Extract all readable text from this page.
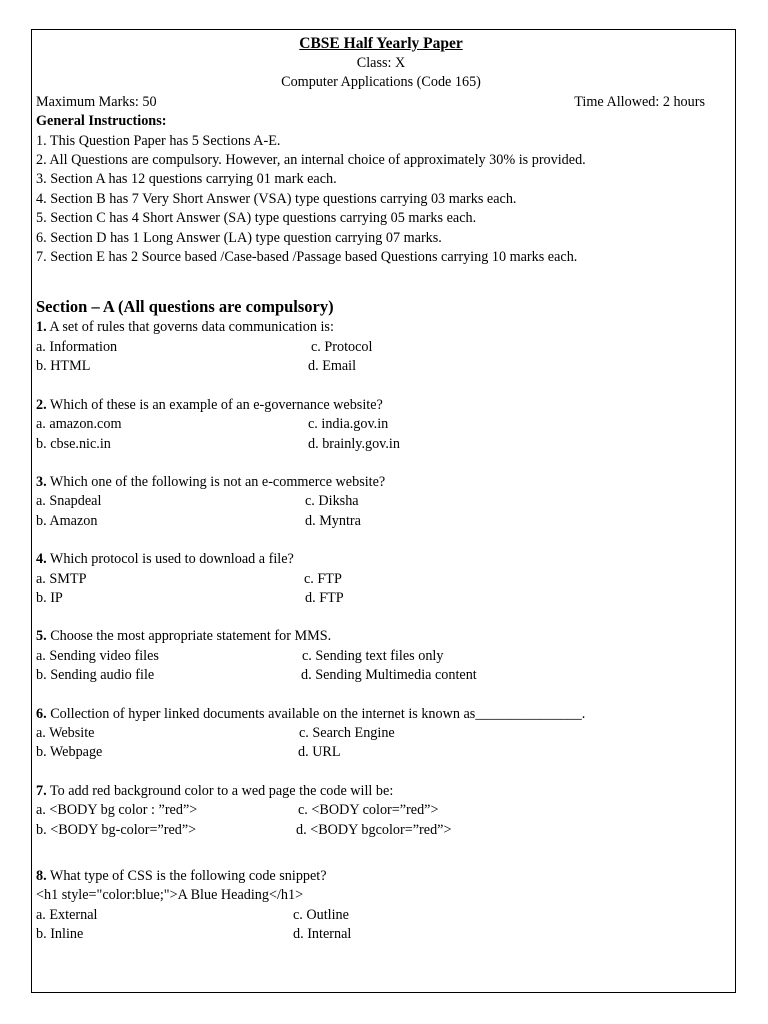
CBSE Half Yearly Paper
Class: X
Computer Applications (Code 165)
Maximum Marks: 50	Time Allowed: 2 hours
General Instructions:
1. This Question Paper has 5 Sections A-E.
2. All Questions are compulsory. However, an internal choice of approximately 30% is provided.
3. Section A has 12 questions carrying 01 mark each.
4. Section B has 7 Very Short Answer (VSA) type questions carrying 03 marks each.
5. Section C has 4 Short Answer (SA) type questions carrying 05 marks each.
6. Section D has 1 Long Answer (LA) type question carrying 07 marks.
7. Section E has 2 Source based /Case-based /Passage based Questions carrying 10 marks each.
Section – A (All questions are compulsory)
1. A set of rules that governs data communication is:
a. Information	c. Protocol
b. HTML	d. Email
2. Which of these is an example of an e-governance website?
a. amazon.com	c. india.gov.in
b. cbse.nic.in	d. brainly.gov.in
3. Which one of the following is not an e-commerce website?
a. Snapdeal	c. Diksha
b. Amazon	d. Myntra
4. Which protocol is used to download a file?
a. SMTP	c. FTP
b. IP	d. FTP
5. Choose the most appropriate statement for MMS.
a. Sending video files	c. Sending text files only
b. Sending audio file	d. Sending Multimedia content
6. Collection of hyper linked documents available on the internet is known as_______________.
a. Website	c. Search Engine
b. Webpage	d. URL
7. To add red background color to a wed page the code will be:
a. <BODY bg color : ”red”>	c. <BODY color=”red”>
b. <BODY bg-color=”red”>	d. <BODY bgcolor=”red”>
8. What type of CSS is the following code snippet?
<h1 style="color:blue;">A Blue Heading</h1>
a. External	c. Outline
b. Inline	d. Internal
